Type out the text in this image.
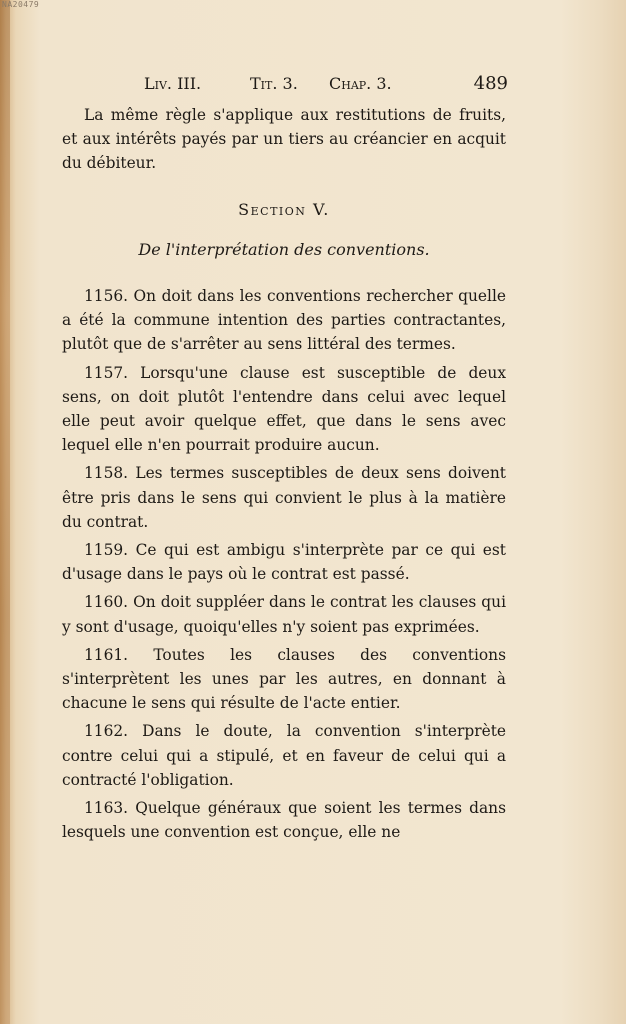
NA20479
Liv. III.	Tit. 3. Chap. 3.	489
La même règle s'applique aux restitutions de fruits, et aux intérêts payés par un tiers au créancier en acquit du débiteur.
Section V.
De l'interprétation des conventions.

1156. On doit dans les conventions rechercher quelle a été la commune intention des parties contractantes, plutôt que de s'arrêter au sens littéral des termes.

1157. Lorsqu'une clause est susceptible de deux sens, on doit plutôt l'entendre dans celui avec lequel elle peut avoir quelque effet, que dans le sens avec lequel elle n'en pourrait produire aucun.

1158. Les termes susceptibles de deux sens doivent être pris dans le sens qui convient le plus à la matière du contrat.

1159. Ce qui est ambigu s'interprète par ce qui est d'usage dans le pays où le contrat est passé.

1160. On doit suppléer dans le contrat les clauses qui y sont d'usage, quoiqu'elles n'y soient pas exprimées.

1161. Toutes les clauses des conventions s'interprètent les unes par les autres, en donnant à chacune le sens qui résulte de l'acte entier.

1162. Dans le doute, la convention s'interprète contre celui qui a stipulé, et en faveur de celui qui a contracté l'obligation.

1163. Quelque généraux que soient les termes dans lesquels une convention est conçue, elle ne
